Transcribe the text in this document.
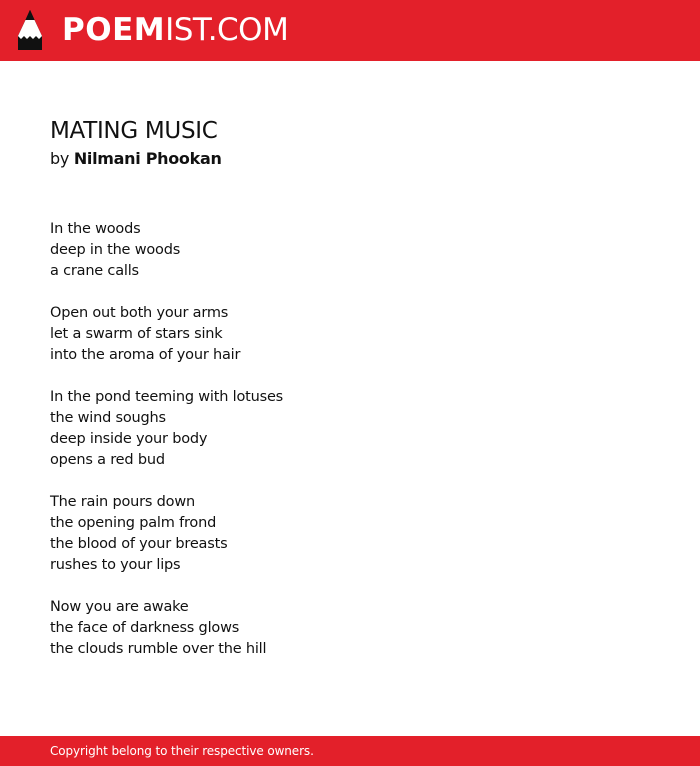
POEMIST.COM
MATING MUSIC
by Nilmani Phookan
In the woods
deep in the woods
a crane calls
Open out both your arms
let a swarm of stars sink
into the aroma of your hair
In the pond teeming with lotuses
the wind soughs
deep inside your body
opens a red bud
The rain pours down
the opening palm frond
the blood of your breasts
rushes to your lips
Now you are awake
the face of darkness glows
the clouds rumble over the hill
Copyright belong to their respective owners.
